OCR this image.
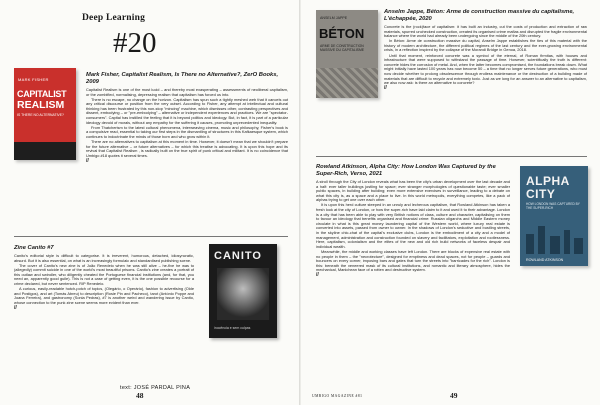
Deep Learning
#20
MARK FISHER
CAPITALIST
REALISM
IS THERE NO ALTERNATIVE?
Mark Fisher, Capitalist Realism, Is There no Alternative?, ZerO Books, 2009

Capitalist Realism is one of the most lucid – and thereby most exasperating – assessments of neoliberal capitalism, or the zombified, normalising, depressing realism that capitalism has forced us into.

There is no escape, no change on the horizon. Capitalism has spun such a tightly meshed web that it cancels out any critical discourse or position from the very outset. According to Fisher, any attempt at intellectual and cultural thinking has been frustrated by this non-stop "mincing" machine, which dismisses other, contrasting perspectives and dissent, embodying – or "pre-embodying" – alternative or independent experiences and practices. We are "spectator-consumers". Capital has instilled the feeling that it is beyond politics and ideology. But, in fact, it is part of a particular ideology devoid of morals, without any empathy for the suffering it causes, promoting unprecedented inequality.

From Thatcherism to the latest cultural phenomena, interweaving cinema, music and philosophy, Fisher's book is a compulsive read, essential to taking our first steps in the dismantling of structures in this Kafkaesque system, which continues to indoctrinate the minds of those born and who grow within it.

There are no alternatives to capitalism at this moment in time. However, it doesn't mean that we shouldn't prepare for the future alternative – or future alternatives – for which this treatise is advocating. It is upon this hope and its revival that Capitalist Realism , is radically built on the true spirit of punk critical and militant. It is no coincidence that Umbigo #18 quotes it several times.

//
Zine Canito #7

Canito's editorial style is difficult to categorise. It is irreverent, humorous, detached, idiosyncratic, absurd. But it is also essential, on what is an increasingly formulaic and standardised publishing scene.

The cover of Canito's new zine is of João Renedeio when he was still alive – he-five he was to (allegedly) commit suicide in one of the world's most beautiful prisons. Canito's zine creates a portrait of this outlaw and swindler, who diligently cheated the Portuguese financial institutions (and, for that, you need an, apparently good guile). This is not a case of getting even, it is the one possible recourse for a crime declared, but never sentenced. RIP Renedeio.

A curious, easily-readable hotch-potch of topics, (Olegário, o Operário), fashion to advertising (Olde and Postigos), and art (Tomás Abreu) to description (Rosie Pin and Pacheco), tarot (António Poppe and Joana Ferreira), and gastronomy (Sonia Pedras), #7 is another weird and wandering issue by Canito, whose connection to the punk zine scene seems more evident than ever.

//
CANITO
inocência e sem culpas
text: JOSÉ PARDAL PINA
48
ANSELM JAPPE
BÉTON
ARME DE CONSTRUCTION MASSIVE DU CAPITALISME
Anselm Jappe, Béton: Arme de construction massive du capitalisme, L'échappée, 2020

Concrete is the (rock)face of capitalism: it has built an industry, cut the costs of production and extraction of raw materials, spurred unchecked construction, created its organised crime mafias and disrupted the fragile environmental balance where the world had already been undergoing since the middle of the 20th century.

In Béton: Arme de construction massive du capital, Anselm Jappe establishes the ties of this material with the history of modern architecture, the different political regimes of the last century and the ever-growing environmental crisis, in a reflection inspired by the collapse of the Morandi Bridge in Genoa, 2018.

Until that moment, reinforced concrete was a symbol of the eternal, of Roman firmitas, with houses and infrastructure that were supposed to withstand the passage of time. However, scientifically the truth is different: concrete hides the corrosion of metal. And, when the latter becomes compromised, the foundations break down. What might initially have lasted 100 years has now become 50 – a time that no longer serves future generations, who must now decide whether to prolong obsolescence through endless maintenance or the destruction of a building made of materials that are difficult to recycle and extremely toxic. Just as we long for an answer to an alternative to capitalism, we also now ask: is there an alternative to concrete?

//
Rowland Atkinson, Alpha City: How London Was Captured by the Super-Rich, Verso, 2021

A stroll through the City of London reveals what has been the city's urban development over the last decade and a half: ever taller buildings jostling for space; ever stranger morphologies of questionable taste; ever smaller public spaces, in building after building; even more extensive exercises in surveillance, leading to a debate on what this city is, as a space and a place to live. In this world metropolis, everything competes, like a pack of alphas trying to get one over each other.

It is upon this herd culture steeped in an unruly and lecherous capitalism, that Rowland Atkinson has taken a fresh look at the city of London, or how the super-rich have laid claim to it and used it to their advantage. London is a city that has been able to play with very British notions of class, culture and character, capitalising on them to favour an ideology that benefits organised and financial crime: Russian oligarchs and Middle Eastern money circulate in what is this great money laundering capital of the Western world, where luxury real estate is converted into assets, passed from owner to owner. In the shadows of London's seductive and bustling streets, in the skyline chic-chat of the capital's exclusive clubs, London is the embodiment of a city and a model of management, administration and construction founded on slavery and facilitators, exploitation and rootlessness. Here, capitalism, colonialism and the elites of the new and old rich build networks of faceless despair and individual wealth.

Meanwhile, the middle and working classes have left London. There are blocks of expensive real estate with no people in them – the "necrotecture", designed for emptiness and dead spaces, not for people – guards and bouncers on every corner, imposing bars and gates that turn the streets into "barricades for the rich". London is this: beneath the veneered mask of its cultural institutions, and romantic and literary atmosphere, hides the mechanical, Manichean face of a rotten and destructive system.

//
ALPHA
CITY
HOW LONDON WAS CAPTURED BY THE SUPER-RICH
ROWLAND ATKINSON
UMBIGO MAGAZINE #81	49
